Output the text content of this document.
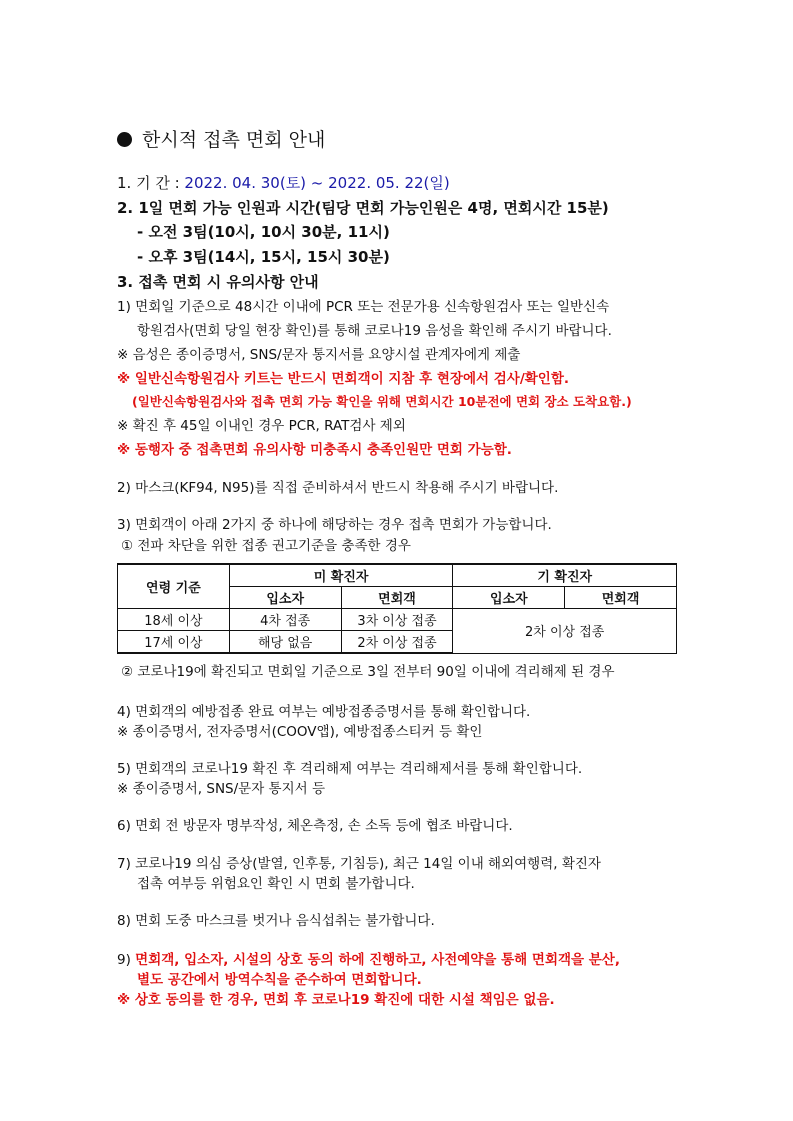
한시적 접촉 면회 안내
1. 기 간 : 2022. 04. 30(토) ~ 2022. 05. 22(일)
2. 1일 면회 가능 인원과 시간(팀당 면회 가능인원은 4명, 면회시간 15분)
- 오전 3팀(10시, 10시 30분, 11시)
- 오후 3팀(14시, 15시, 15시 30분)
3. 접촉 면회 시 유의사항 안내
1) 면회일 기준으로 48시간 이내에 PCR 또는 전문가용 신속항원검사 또는 일반신속
항원검사(면회 당일 현장 확인)를 통해 코로나19 음성을 확인해 주시기 바랍니다.
※ 음성은 종이증명서, SNS/문자 통지서를 요양시설 관계자에게 제출
※ 일반신속항원검사 키트는 반드시 면회객이 지참 후 현장에서 검사/확인함.
(일반신속항원검사와 접촉 면회 가능 확인을 위해 면회시간 10분전에 면회 장소 도착요함.)
※ 확진 후 45일 이내인 경우 PCR, RAT검사 제외
※ 동행자 중 접촉면회 유의사항 미충족시 충족인원만 면회 가능함.
2) 마스크(KF94, N95)를 직접 준비하셔서 반드시 착용해 주시기 바랍니다.
3) 면회객이 아래 2가지 중 하나에 해당하는 경우 접촉 면회가 가능합니다.
① 전파 차단을 위한 접종 권고기준을 충족한 경우
연령 기준	미 확진자		기 확진자	
	입소자	면회객	입소자	면회객
18세 이상	4차 접종	3차 이상 접종	2차 이상 접종	
17세 이상	해당 없음	2차 이상 접종		
② 코로나19에 확진되고 면회일 기준으로 3일 전부터 90일 이내에 격리해제 된 경우
4) 면회객의 예방접종 완료 여부는 예방접종증명서를 통해 확인합니다.
※ 종이증명서, 전자증명서(COOV앱), 예방접종스티커 등 확인
5) 면회객의 코로나19 확진 후 격리해제 여부는 격리해제서를 통해 확인합니다.
※ 종이증명서, SNS/문자 통지서 등
6) 면회 전 방문자 명부작성, 체온측정, 손 소독 등에 협조 바랍니다.
7) 코로나19 의심 증상(발열, 인후통, 기침등), 최근 14일 이내 해외여행력, 확진자
접촉 여부등 위험요인 확인 시 면회 불가합니다.
8) 면회 도중 마스크를 벗거나 음식섭취는 불가합니다.
9) 면회객, 입소자, 시설의 상호 동의 하에 진행하고, 사전예약을 통해 면회객을 분산,
별도 공간에서 방역수칙을 준수하여 면회합니다.
※ 상호 동의를 한 경우, 면회 후 코로나19 확진에 대한 시설 책임은 없음.
